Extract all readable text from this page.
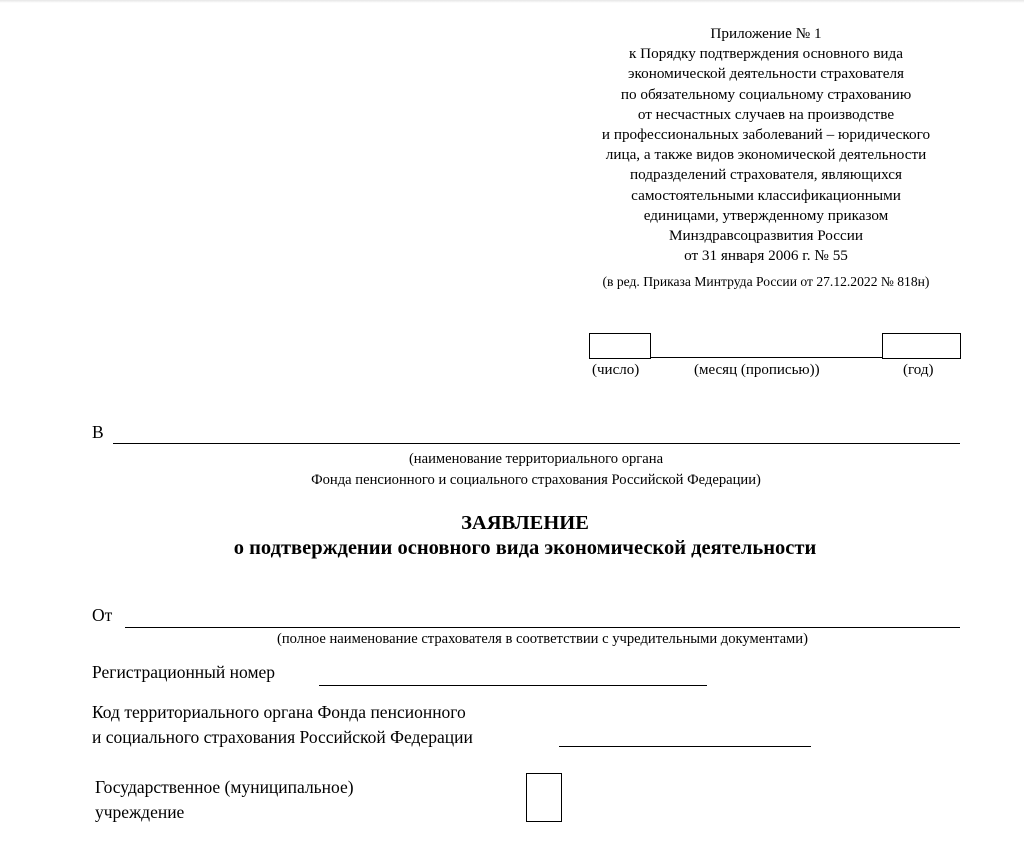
Приложение № 1
к Порядку подтверждения основного вида
экономической деятельности страхователя
по обязательному социальному страхованию
от несчастных случаев на производстве
и профессиональных заболеваний – юридического
лица, а также видов экономической деятельности
подразделений страхователя, являющихся
самостоятельными классификационными
единицами, утвержденному приказом
Минздравсоцразвития России
от 31 января 2006 г. № 55
(в ред. Приказа Минтруда России от 27.12.2022 № 818н)
(число)	(месяц (прописью))	(год)
В
(наименование территориального органа
Фонда пенсионного и социального страхования Российской Федерации)
ЗАЯВЛЕНИЕ
о подтверждении основного вида экономической деятельности
От
(полное наименование страхователя в соответствии с учредительными документами)
Регистрационный номер
Код территориального органа Фонда пенсионного
и социального страхования Российской Федерации
Государственное (муниципальное)
учреждение
